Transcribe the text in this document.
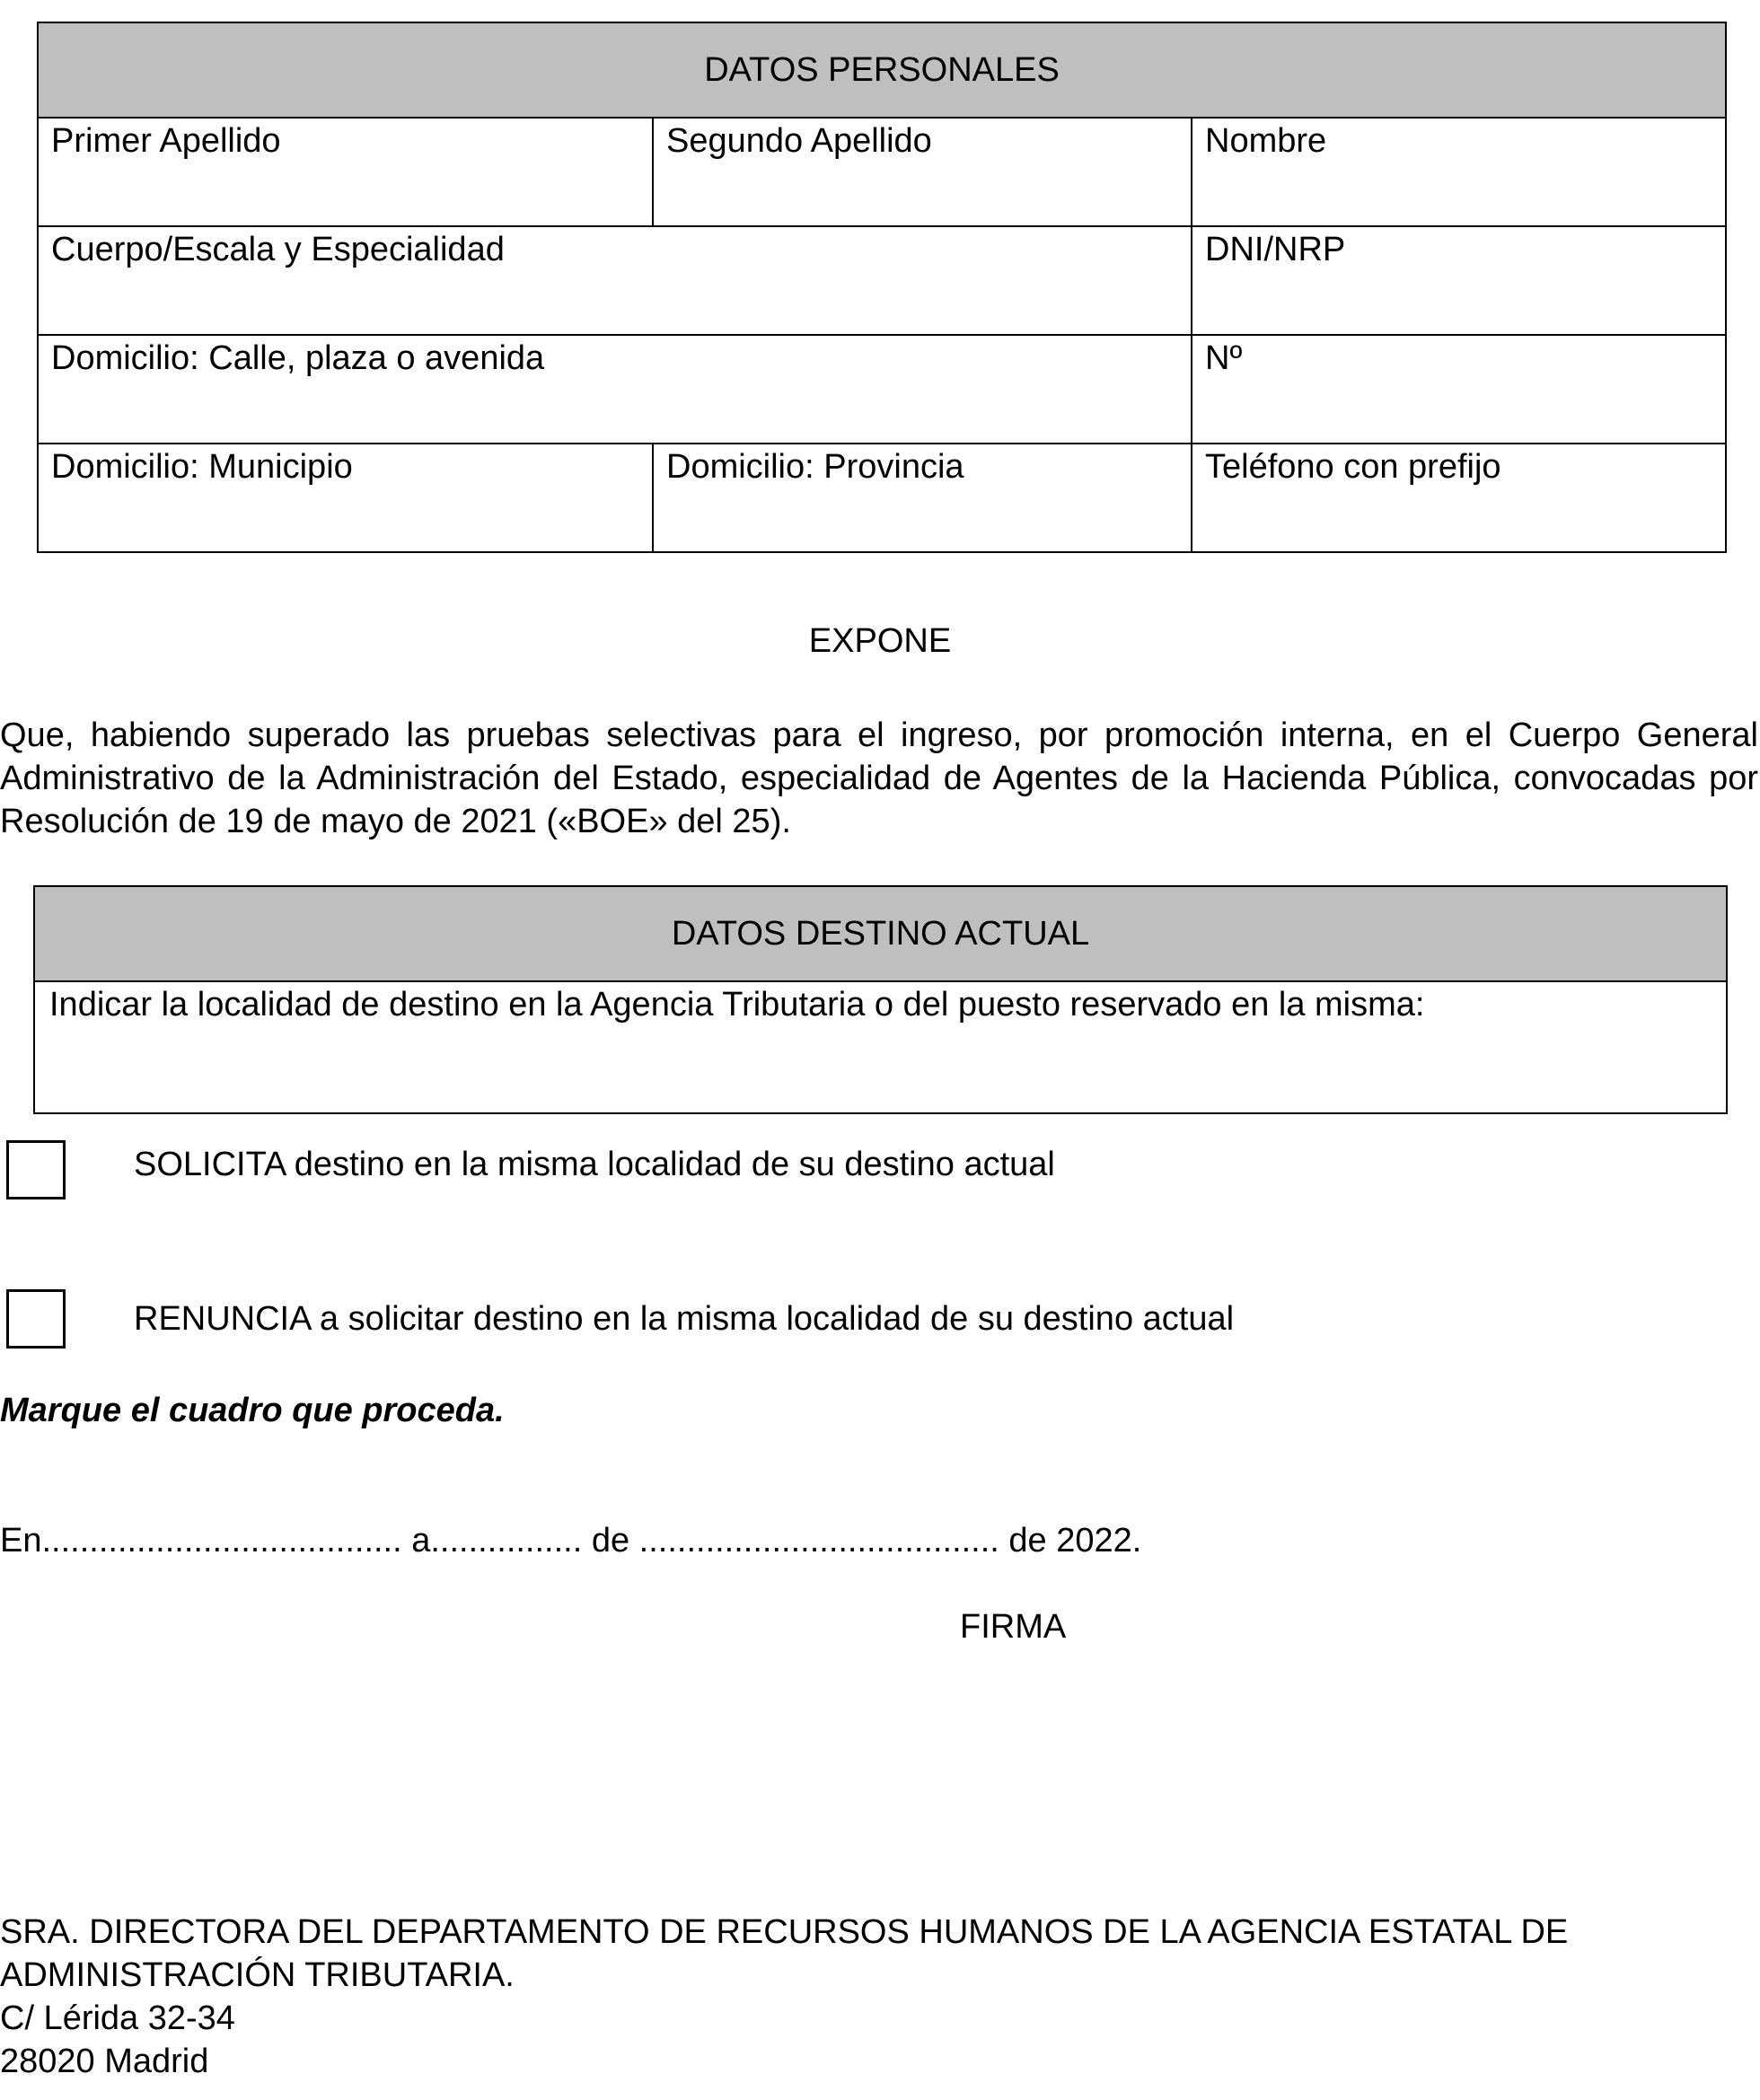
DATOS PERSONALES		
Primer Apellido	Segundo Apellido	Nombre
Cuerpo/Escala y Especialidad		DNI/NRP
Domicilio: Calle, plaza o avenida		Nº
Domicilio: Municipio	Domicilio: Provincia	Teléfono con prefijo
EXPONE
Que, habiendo superado las pruebas selectivas para el ingreso, por promoción interna, en el Cuerpo General Administrativo de la Administración del Estado, especialidad de Agentes de la Hacienda Pública, convocadas por Resolución de 19 de mayo de 2021 («BOE» del 25).
DATOS DESTINO ACTUAL
Indicar la localidad de destino en la Agencia Tributaria o del puesto reservado en la misma:
SOLICITA destino en la misma localidad de su destino actual
RENUNCIA a solicitar destino en la misma localidad de su destino actual
Marque el cuadro que proceda.
En...................................... a................ de ...................................... de 2022.
FIRMA
SRA. DIRECTORA DEL DEPARTAMENTO DE RECURSOS HUMANOS DE LA AGENCIA ESTATAL DE
ADMINISTRACIÓN TRIBUTARIA.
C/ Lérida 32-34
28020 Madrid
